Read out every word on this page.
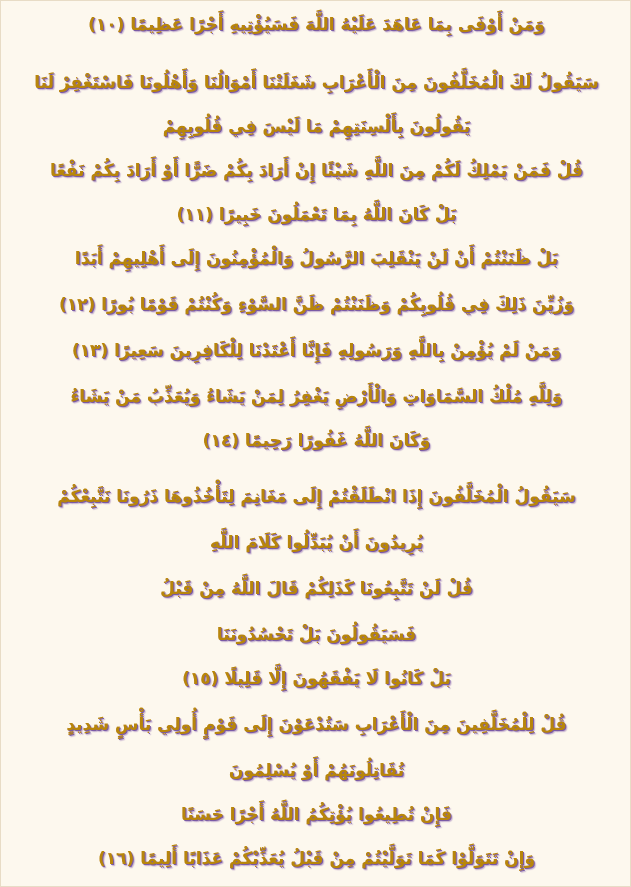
وَمَنْ أَوْفَى بِمَا عَاهَدَ عَلَيْهُ اللَّهَ فَسَيُؤْتِيهِ أَجْرًا عَظِيمًا (١٠)
سَيَقُولُ لَكَ الْمُخَلَّفُونَ مِنَ الْأَعْرَابِ شَغَلَتْنَا أَمْوَالُنَا وَأَهْلُونَا فَاسْتَغْفِرْ لَنَا
يَقُولُونَ بِأَلْسِنَتِهِمْ مَا لَيْسَ فِي قُلُوبِهِمْ
قُلْ فَمَنْ يَمْلِكُ لَكُمْ مِنَ اللَّهِ شَيْئًا إِنْ أَرَادَ بِكُمْ ضَرًّا أَوْ أَرَادَ بِكُمْ نَفْعًا
بَلْ كَانَ اللَّهُ بِمَا تَعْمَلُونَ خَبِيرًا (١١)
بَلْ ظَنَنْتُمْ أَنْ لَنْ يَنْقَلِبَ الرَّسُولُ وَالْمُؤْمِنُونَ إِلَى أَهْلِيهِمْ أَبَدًا
وَزُيِّنَ ذَلِكَ فِي قُلُوبِكُمْ وَظَنَنْتُمْ ظَنَّ السَّوْءِ وَكُنْتُمْ قَوْمًا بُورًا (١٢)
وَمَنْ لَمْ يُؤْمِنْ بِاللَّهِ وَرَسُولِهِ فَإِنَّا أَعْتَدْنَا لِلْكَافِرِينَ سَعِيرًا (١٣)
وَلِلَّهِ مُلْكُ السَّمَاوَاتِ وَالْأَرْضِ يَغْفِرُ لِمَنْ يَشَاءُ وَيُعَذِّبُ مَنْ يَشَاءُ
وَكَانَ اللَّهُ غَفُورًا رَحِيمًا (١٤)
سَيَقُولُ الْمُخَلَّفُونَ إِذَا انْطَلَقْتُمْ إِلَى مَغَانِمَ لِتَأْخُذُوهَا ذَرُونَا نَتَّبِعْكُمْ
يُرِيدُونَ أَنْ يُبَدِّلُوا كَلَامَ اللَّهِ
قُلْ لَنْ تَتَّبِعُونَا كَذَلِكُمْ قَالَ اللَّهُ مِنْ قَبْلُ
فَسَيَقُولُونَ بَلْ تَحْسُدُونَنَا
بَلْ كَانُوا لَا يَفْقَهُونَ إِلَّا قَلِيلًا (١٥)
قُلْ لِلْمُخَلَّفِينَ مِنَ الْأَعْرَابِ سَتُدْعَوْنَ إِلَى قَوْمٍ أُولِي بَأْسٍ شَدِيدٍ
تُقَاتِلُونَهُمْ أَوْ يُسْلِمُونَ
فَإِنْ تُطِيعُوا يُؤْتِكُمُ اللَّهُ أَجْرًا حَسَنًا
وَإِنْ تَتَوَلَّوْا كَمَا تَوَلَّيْتُمْ مِنْ قَبْلُ يُعَذِّبْكُمْ عَذَابًا أَلِيمًا (١٦)
